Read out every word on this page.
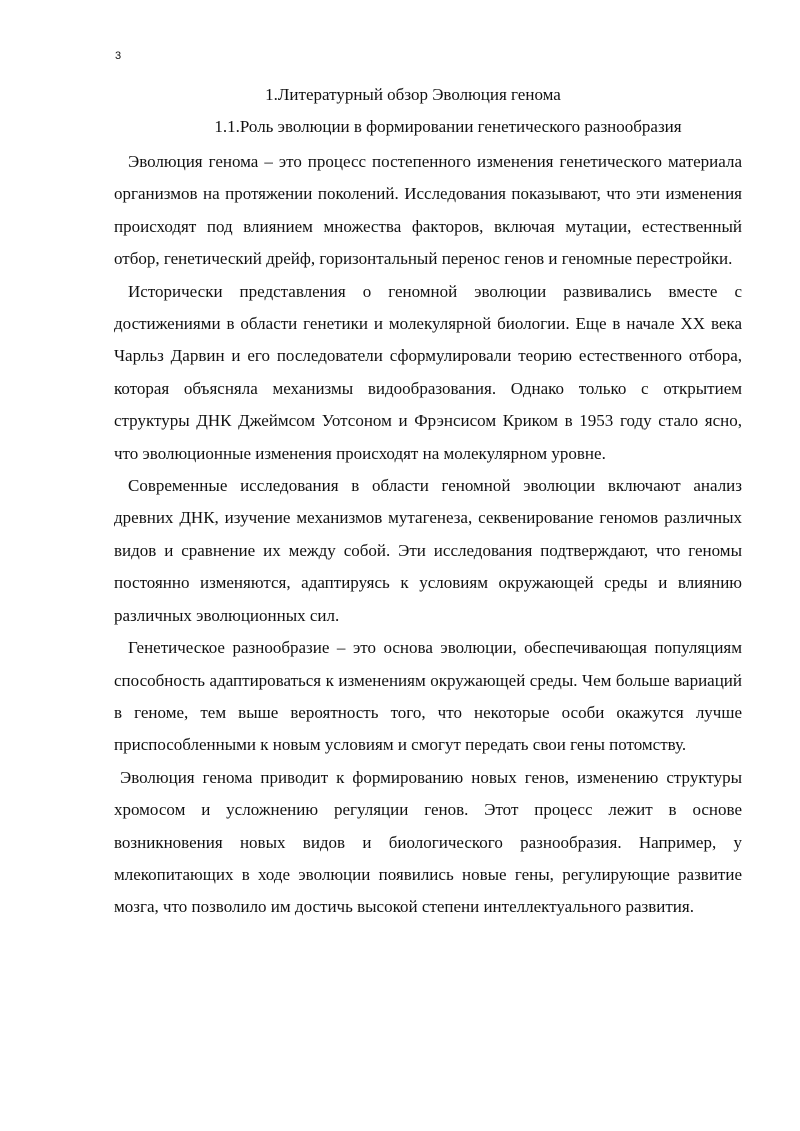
3
1.Литературный обзор Эволюция генома
1.1.Роль эволюции в формировании генетического разнообразия

Эволюция генома – это процесс постепенного изменения генетического материала организмов на протяжении поколений. Исследования показывают, что эти изменения происходят под влиянием множества факторов, включая мутации, естественный отбор, генетический дрейф, горизонтальный перенос генов и геномные перестройки.

Исторически представления о геномной эволюции развивались вместе с достижениями в области генетики и молекулярной биологии. Еще в начале XX века Чарльз Дарвин и его последователи сформулировали теорию естественного отбора, которая объясняла механизмы видообразования. Однако только с открытием структуры ДНК Джеймсом Уотсоном и Фрэнсисом Криком в 1953 году стало ясно, что эволюционные изменения происходят на молекулярном уровне.

Современные исследования в области геномной эволюции включают анализ древних ДНК, изучение механизмов мутагенеза, секвенирование геномов различных видов и сравнение их между собой. Эти исследования подтверждают, что геномы постоянно изменяются, адаптируясь к условиям окружающей среды и влиянию различных эволюционных сил.

Генетическое разнообразие – это основа эволюции, обеспечивающая популяциям способность адаптироваться к изменениям окружающей среды. Чем больше вариаций в геноме, тем выше вероятность того, что некоторые особи окажутся лучше приспособленными к новым условиям и смогут передать свои гены потомству.

Эволюция генома приводит к формированию новых генов, изменению структуры хромосом и усложнению регуляции генов. Этот процесс лежит в основе возникновения новых видов и биологического разнообразия. Например, у млекопитающих в ходе эволюции появились новые гены, регулирующие развитие мозга, что позволило им достичь высокой степени интеллектуального развития.
